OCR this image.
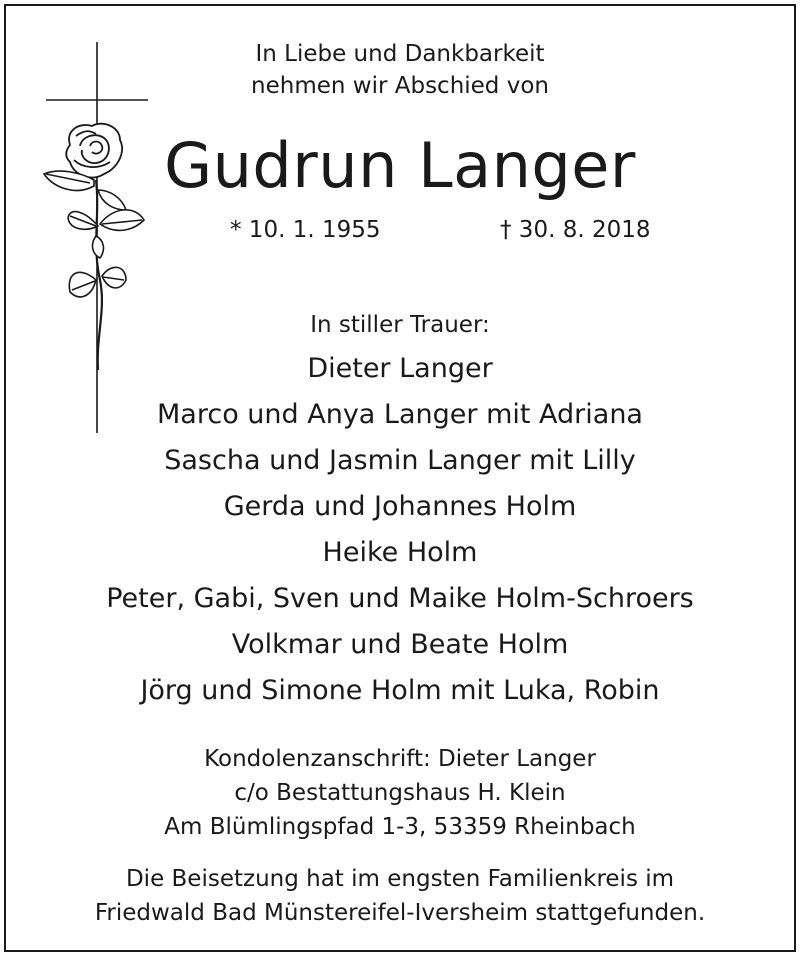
In Liebe und Dankbarkeit
nehmen wir Abschied von
Gudrun Langer
* 10. 1. 1955	† 30. 8. 2018
In stiller Trauer:
Dieter Langer
Marco und Anya Langer mit Adriana
Sascha und Jasmin Langer mit Lilly
Gerda und Johannes Holm
Heike Holm
Peter, Gabi, Sven und Maike Holm-Schroers
Volkmar und Beate Holm
Jörg und Simone Holm mit Luka, Robin
Kondolenzanschrift: Dieter Langer
c/o Bestattungshaus H. Klein
Am Blümlingspfad 1-3, 53359 Rheinbach
Die Beisetzung hat im engsten Familienkreis im
Friedwald Bad Münstereifel-Iversheim stattgefunden.
